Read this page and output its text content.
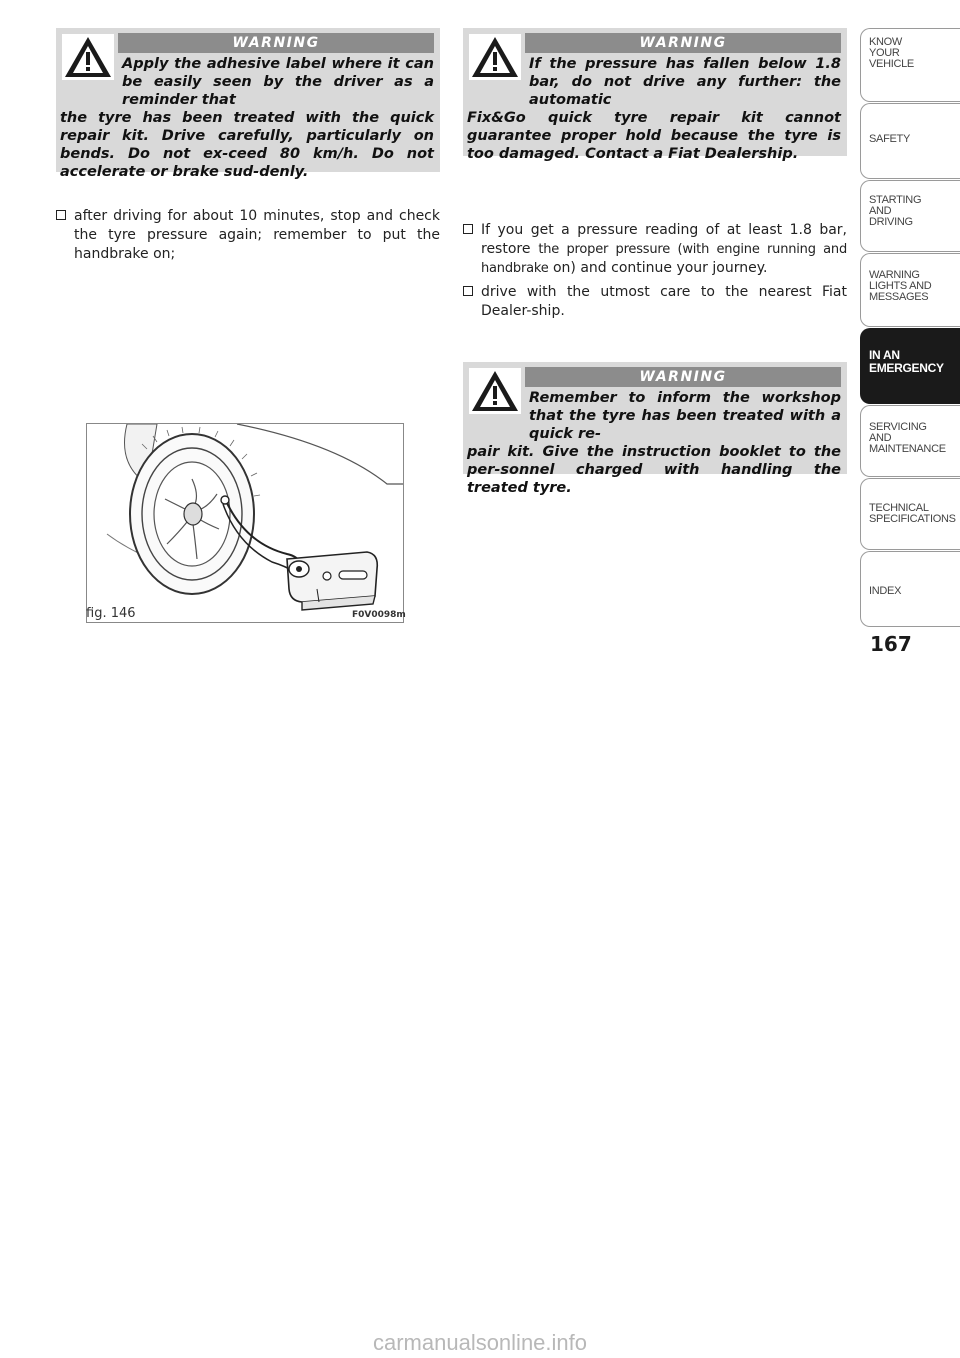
WARNING
Apply the adhesive label where it can be easily seen by the driver as a reminder that
the tyre has been treated with the quick repair kit. Drive carefully, particularly on bends. Do not ex-ceed 80 km/h. Do not accelerate or brake sud-denly.
WARNING
If the pressure has fallen below 1.8 bar, do not drive any further: the automatic
Fix&Go quick tyre repair kit cannot guarantee proper hold because the tyre is too damaged. Contact a Fiat Dealership.
after driving for about 10 minutes, stop and check the tyre pressure again; remember to put the handbrake on;
If you get a pressure reading of at least 1.8 bar, restore the proper pressure (with engine running and handbrake on) and continue your journey.
drive with the utmost care to the nearest Fiat Dealer-ship.
WARNING
Remember to inform the workshop that the tyre has been treated with a quick re-
pair kit. Give the instruction booklet to the per-sonnel charged with handling the treated tyre.
fig. 146	F0V0098m
KNOW
YOUR
VEHICLE
SAFETY
STARTING
AND
DRIVING
WARNING
LIGHTS AND
MESSAGES
IN AN
EMERGENCY
SERVICING
AND
MAINTENANCE
TECHNICAL
SPECIFICATIONS
INDEX
167
carmanualsonline.info
